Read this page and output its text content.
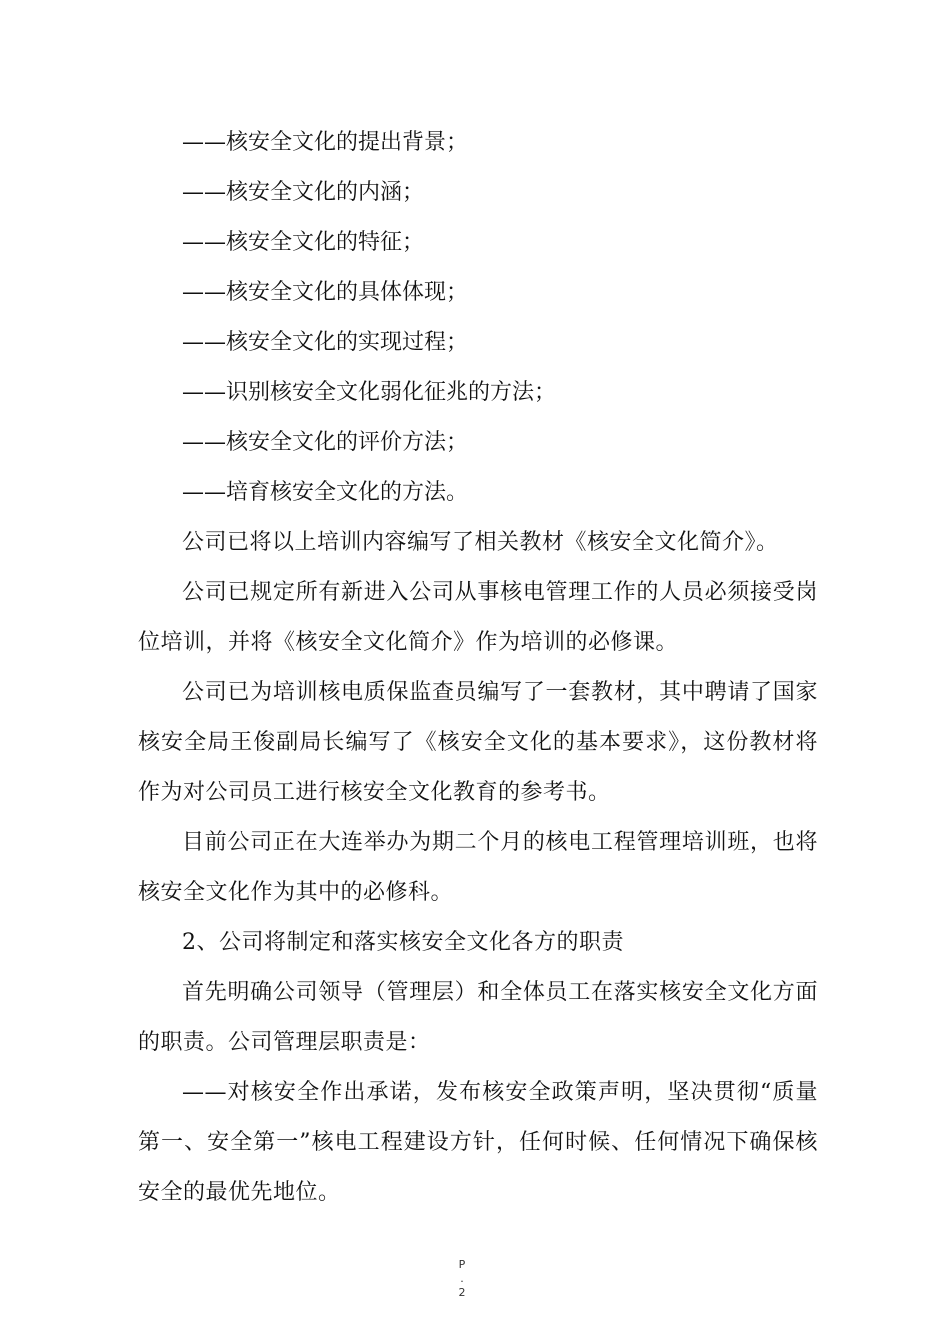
——核安全文化的提出背景；
——核安全文化的内涵；
——核安全文化的特征；
——核安全文化的具体体现；
——核安全文化的实现过程；
——识别核安全文化弱化征兆的方法；
——核安全文化的评价方法；
——培育核安全文化的方法。

公司已将以上培训内容编写了相关教材《核安全文化简介》。

公司已规定所有新进入公司从事核电管理工作的人员必须接受岗位培训，并将《核安全文化简介》作为培训的必修课。

公司已为培训核电质保监查员编写了一套教材，其中聘请了国家核安全局王俊副局长编写了《核安全文化的基本要求》，这份教材将作为对公司员工进行核安全文化教育的参考书。

目前公司正在大连举办为期二个月的核电工程管理培训班，也将核安全文化作为其中的必修科。

2、公司将制定和落实核安全文化各方的职责

首先明确公司领导（管理层）和全体员工在落实核安全文化方面的职责。公司管理层职责是：

——对核安全作出承诺，发布核安全政策声明，坚决贯彻“质量第一、安全第一”核电工程建设方针，任何时候、任何情况下确保核安全的最优先地位。

P
.
2
